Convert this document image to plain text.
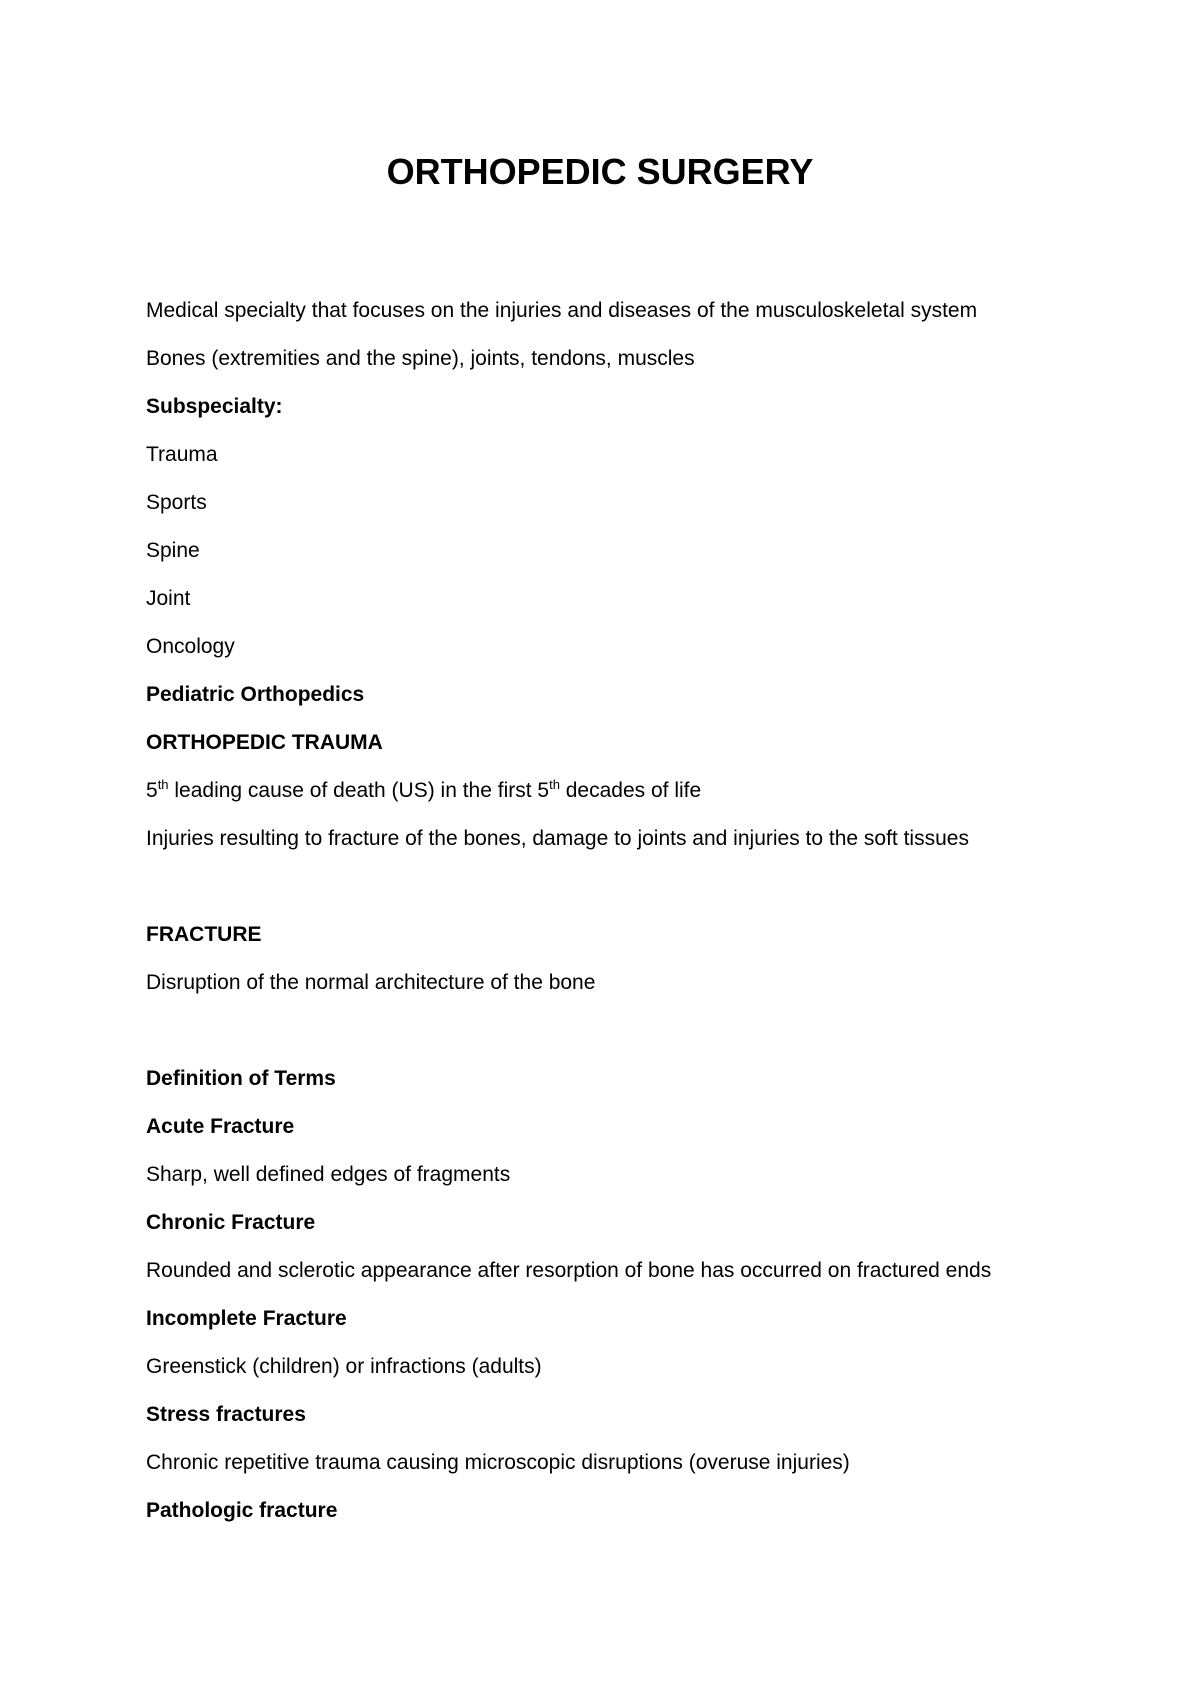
ORTHOPEDIC SURGERY
Medical specialty that focuses on the injuries and diseases of the musculoskeletal system
Bones (extremities and the spine), joints, tendons, muscles
Subspecialty:
Trauma
Sports
Spine
Joint
Oncology
Pediatric Orthopedics
ORTHOPEDIC TRAUMA
5th leading cause of death (US) in the first 5th decades of life
Injuries resulting to fracture of the bones, damage to joints and injuries to the soft tissues
FRACTURE
Disruption of the normal architecture of the bone
Definition of Terms
Acute Fracture
Sharp, well defined edges of fragments
Chronic Fracture
Rounded and sclerotic appearance after resorption of bone has occurred on fractured ends
Incomplete Fracture
Greenstick (children) or infractions (adults)
Stress fractures
Chronic repetitive trauma causing microscopic disruptions (overuse injuries)
Pathologic fracture
